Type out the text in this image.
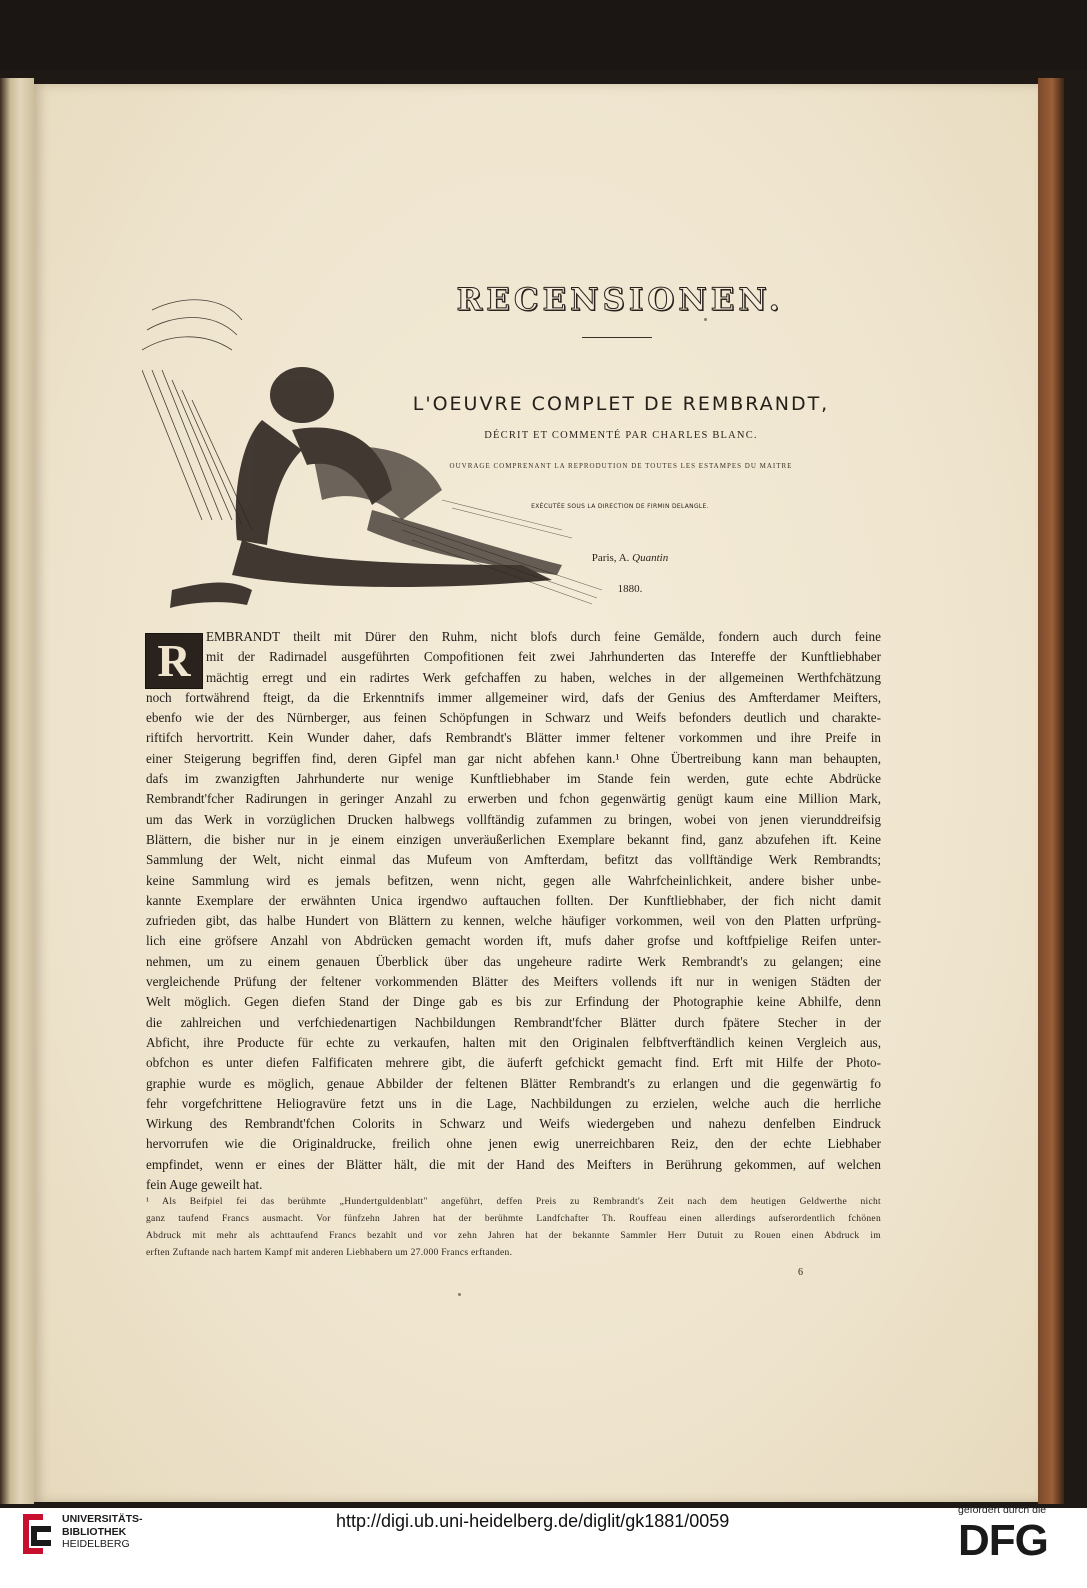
RECENSIONEN.
L'OEUVRE COMPLET DE REMBRANDT,
DÉCRIT ET COMMENTÉ PAR CHARLES BLANC.
OUVRAGE COMPRENANT LA REPRODUTION DE TOUTES LES ESTAMPES DU MAITRE
EXÉCUTÉE SOUS LA DIRECTION DE FIRMIN DELANGLE.
Paris, A. Quantin
1880.
R	EMBRANDT theilt mit Dürer den Ruhm, nicht blofs durch feine Gemälde, fondern auch durch feine
mit der Radirnadel ausgeführten Compofitionen feit zwei Jahrhunderten das Intereffe der Kunftliebhaber
mächtig erregt und ein radirtes Werk gefchaffen zu haben, welches in der allgemeinen Werthfchätzung
noch fortwährend fteigt, da die Erkenntnifs immer allgemeiner wird, dafs der Genius des Amfterdamer Meifters,
ebenfo wie der des Nürnberger, aus feinen Schöpfungen in Schwarz und Weifs befonders deutlich und charakte-
riftifch hervortritt. Kein Wunder daher, dafs Rembrandt's Blätter immer feltener vorkommen und ihre Preife in
einer Steigerung begriffen find, deren Gipfel man gar nicht abfehen kann.¹ Ohne Übertreibung kann man behaupten,
dafs im zwanzigften Jahrhunderte nur wenige Kunftliebhaber im Stande fein werden, gute echte Abdrücke
Rembrandt'fcher Radirungen in geringer Anzahl zu erwerben und fchon gegenwärtig genügt kaum eine Million Mark,
um das Werk in vorzüglichen Drucken halbwegs vollftändig zufammen zu bringen, wobei von jenen vierunddreifsig
Blättern, die bisher nur in je einem einzigen unveräußerlichen Exemplare bekannt find, ganz abzufehen ift. Keine
Sammlung der Welt, nicht einmal das Mufeum von Amfterdam, befitzt das vollftändige Werk Rembrandts;
keine Sammlung wird es jemals befitzen, wenn nicht, gegen alle Wahrfcheinlichkeit, andere bisher unbe-
kannte Exemplare der erwähnten Unica irgendwo auftauchen follten. Der Kunftliebhaber, der fich nicht damit
zufrieden gibt, das halbe Hundert von Blättern zu kennen, welche häufiger vorkommen, weil von den Platten urfprüng-
lich eine gröfsere Anzahl von Abdrücken gemacht worden ift, mufs daher grofse und koftfpielige Reifen unter-
nehmen, um zu einem genauen Überblick über das ungeheure radirte Werk Rembrandt's zu gelangen; eine
vergleichende Prüfung der feltener vorkommenden Blätter des Meifters vollends ift nur in wenigen Städten der
Welt möglich. Gegen diefen Stand der Dinge gab es bis zur Erfindung der Photographie keine Abhilfe, denn
die zahlreichen und verfchiedenartigen Nachbildungen Rembrandt'fcher Blätter durch fpätere Stecher in der
Abficht, ihre Producte für echte zu verkaufen, halten mit den Originalen felbftverftändlich keinen Vergleich aus,
obfchon es unter diefen Falfificaten mehrere gibt, die äuferft gefchickt gemacht find. Erft mit Hilfe der Photo-
graphie wurde es möglich, genaue Abbilder der feltenen Blätter Rembrandt's zu erlangen und die gegenwärtig fo
fehr vorgefchrittene Heliogravüre fetzt uns in die Lage, Nachbildungen zu erzielen, welche auch die herrliche
Wirkung des Rembrandt'fchen Colorits in Schwarz und Weifs wiedergeben und nahezu denfelben Eindruck
hervorrufen wie die Originaldrucke, freilich ohne jenen ewig unerreichbaren Reiz, den der echte Liebhaber
empfindet, wenn er eines der Blätter hält, die mit der Hand des Meifters in Berührung gekommen, auf welchen
fein Auge geweilt hat.
¹ Als Beifpiel fei das berühmte „Hundertguldenblatt" angeführt, deffen Preis zu Rembrandt's Zeit nach dem heutigen Geldwerthe nicht
ganz taufend Francs ausmacht. Vor fünfzehn Jahren hat der berühmte Landfchafter Th. Rouffeau einen allerdings aufserordentlich fchönen
Abdruck mit mehr als achttaufend Francs bezahlt und vor zehn Jahren hat der bekannte Sammler Herr Dutuit zu Rouen einen Abdruck im
erften Zuftande nach hartem Kampf mit anderen Liebhabern um 27.000 Francs erftanden.
6
UNIVERSITÄTS-
BIBLIOTHEK
HEIDELBERG
http://digi.ub.uni-heidelberg.de/diglit/gk1881/0059
gefördert durch die
DFG
